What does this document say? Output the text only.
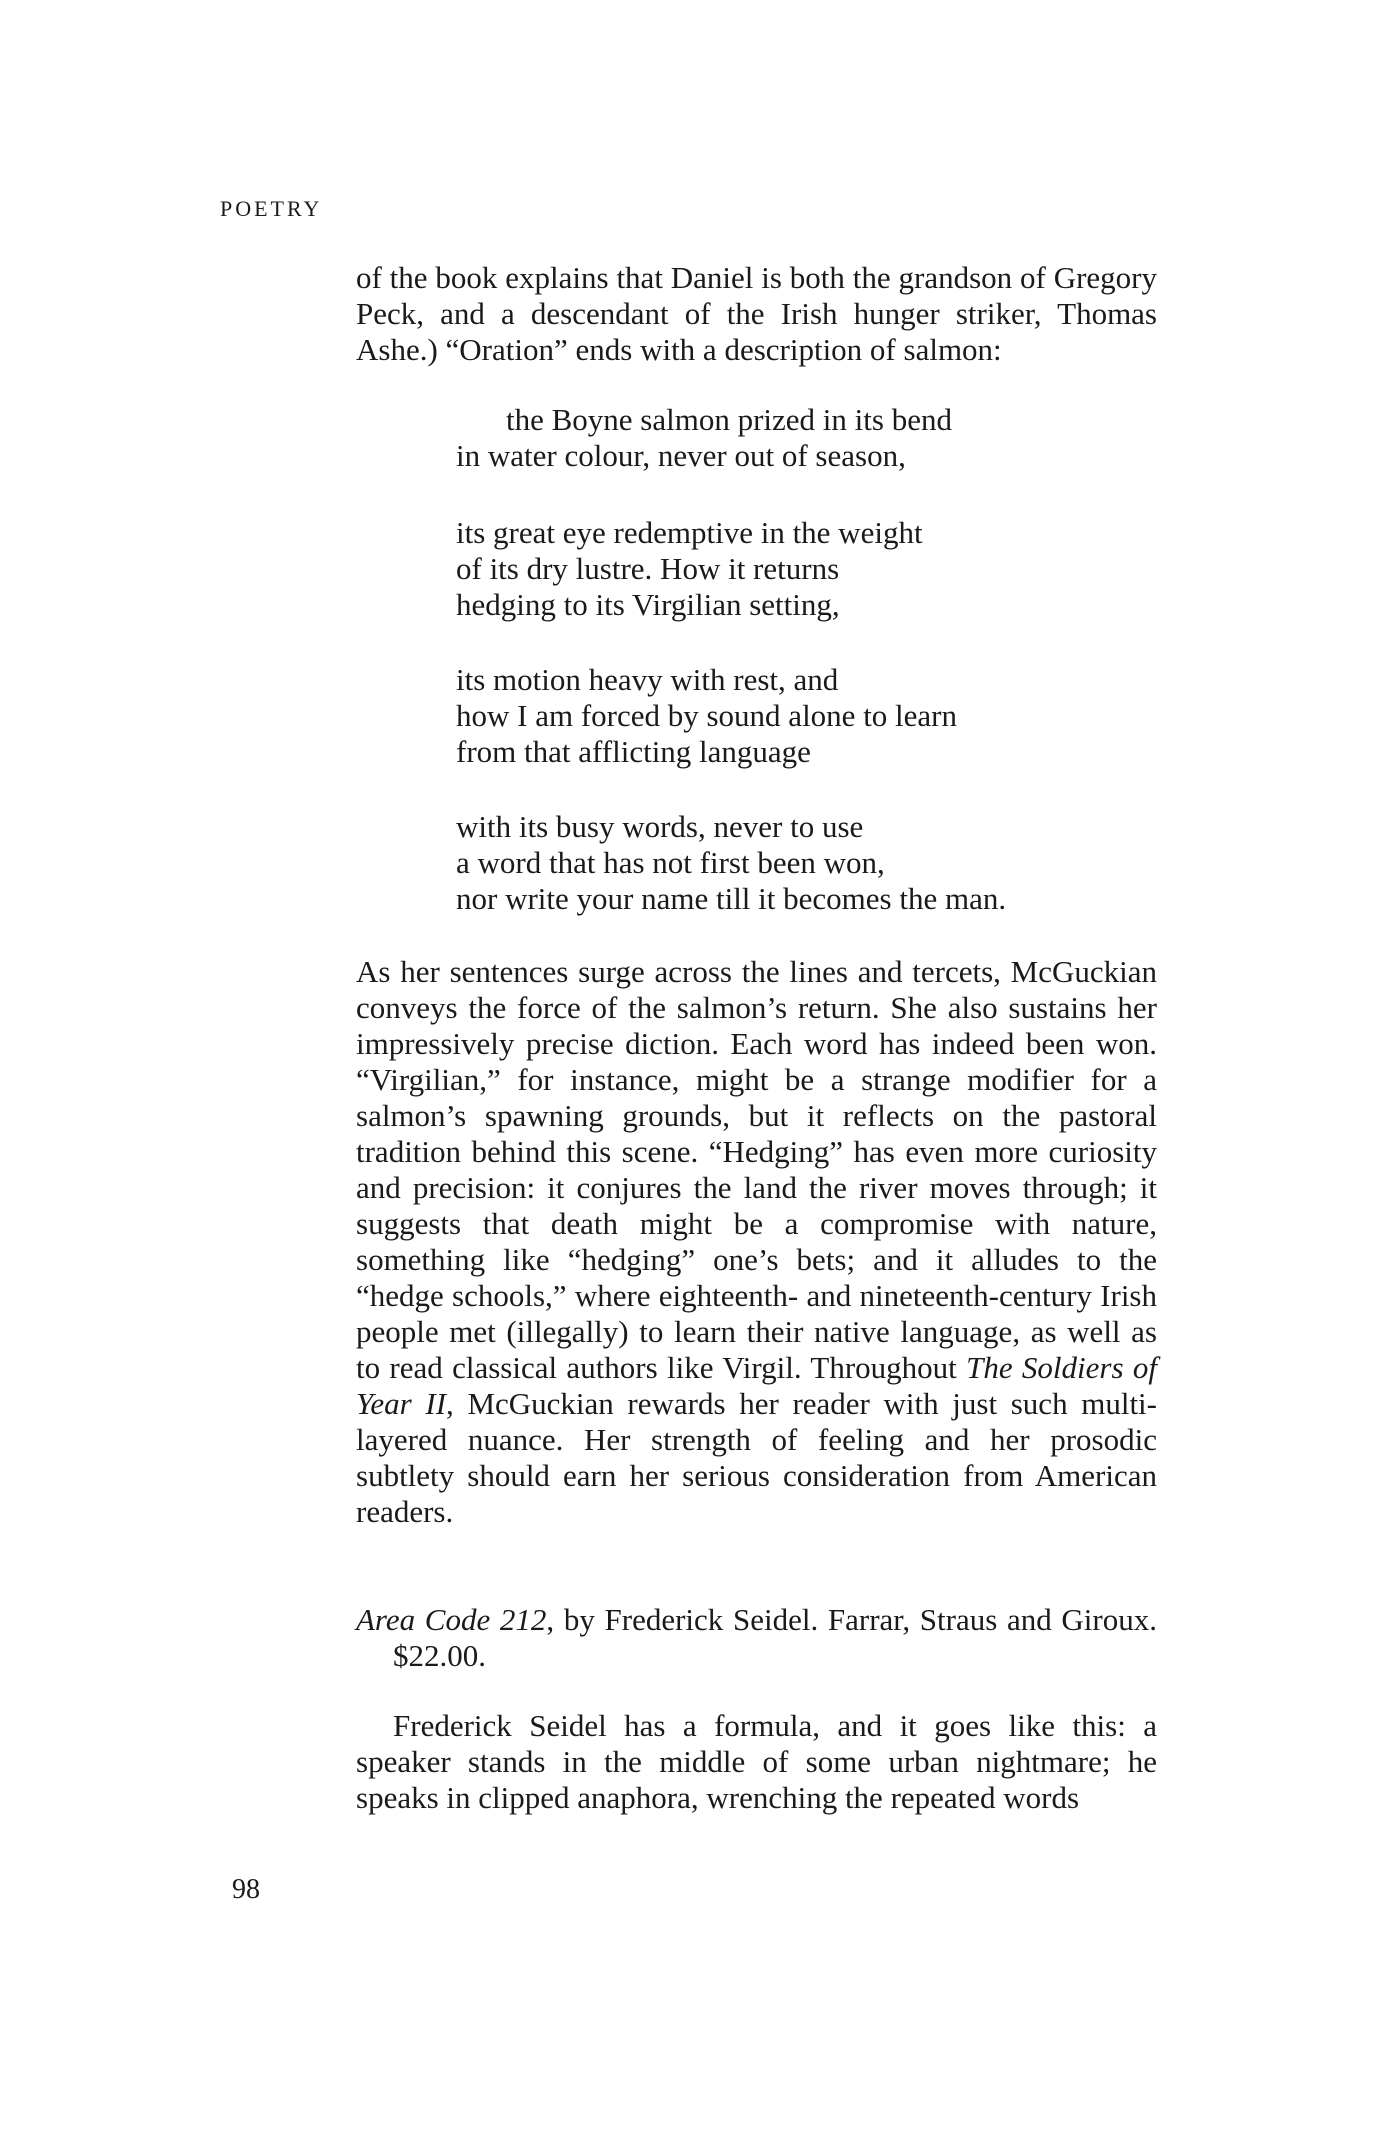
POETRY

of the book explains that Daniel is both the grandson of Gregory Peck, and a descendant of the Irish hunger striker, Thomas Ashe.) “Oration” ends with a description of salmon:

the Boyne salmon prized in its bend
in water colour, never out of season,
its great eye redemptive in the weight
of its dry lustre. How it returns
hedging to its Virgilian setting,
its motion heavy with rest, and
how I am forced by sound alone to learn
from that afflicting language
with its busy words, never to use
a word that has not first been won,
nor write your name till it becomes the man.

As her sentences surge across the lines and tercets, McGuckian conveys the force of the salmon’s return. She also sustains her impressively precise diction. Each word has indeed been won. “Virgilian,” for instance, might be a strange modifier for a salmon’s spawning grounds, but it reflects on the pastoral tradition behind this scene. “Hedging” has even more curiosity and precision: it conjures the land the river moves through; it suggests that death might be a compromise with nature, something like “hedging” one’s bets; and it alludes to the “hedge schools,” where eighteenth- and nineteenth-century Irish people met (illegally) to learn their native language, as well as to read classical authors like Virgil. Throughout The Soldiers of Year II, McGuckian rewards her reader with just such multi-layered nuance. Her strength of feeling and her prosodic subtlety should earn her serious consideration from American readers.

Area Code 212, by Frederick Seidel. Farrar, Straus and Giroux. $22.00.

Frederick Seidel has a formula, and it goes like this: a speaker stands in the middle of some urban nightmare; he speaks in clipped anaphora, wrenching the repeated words

98
